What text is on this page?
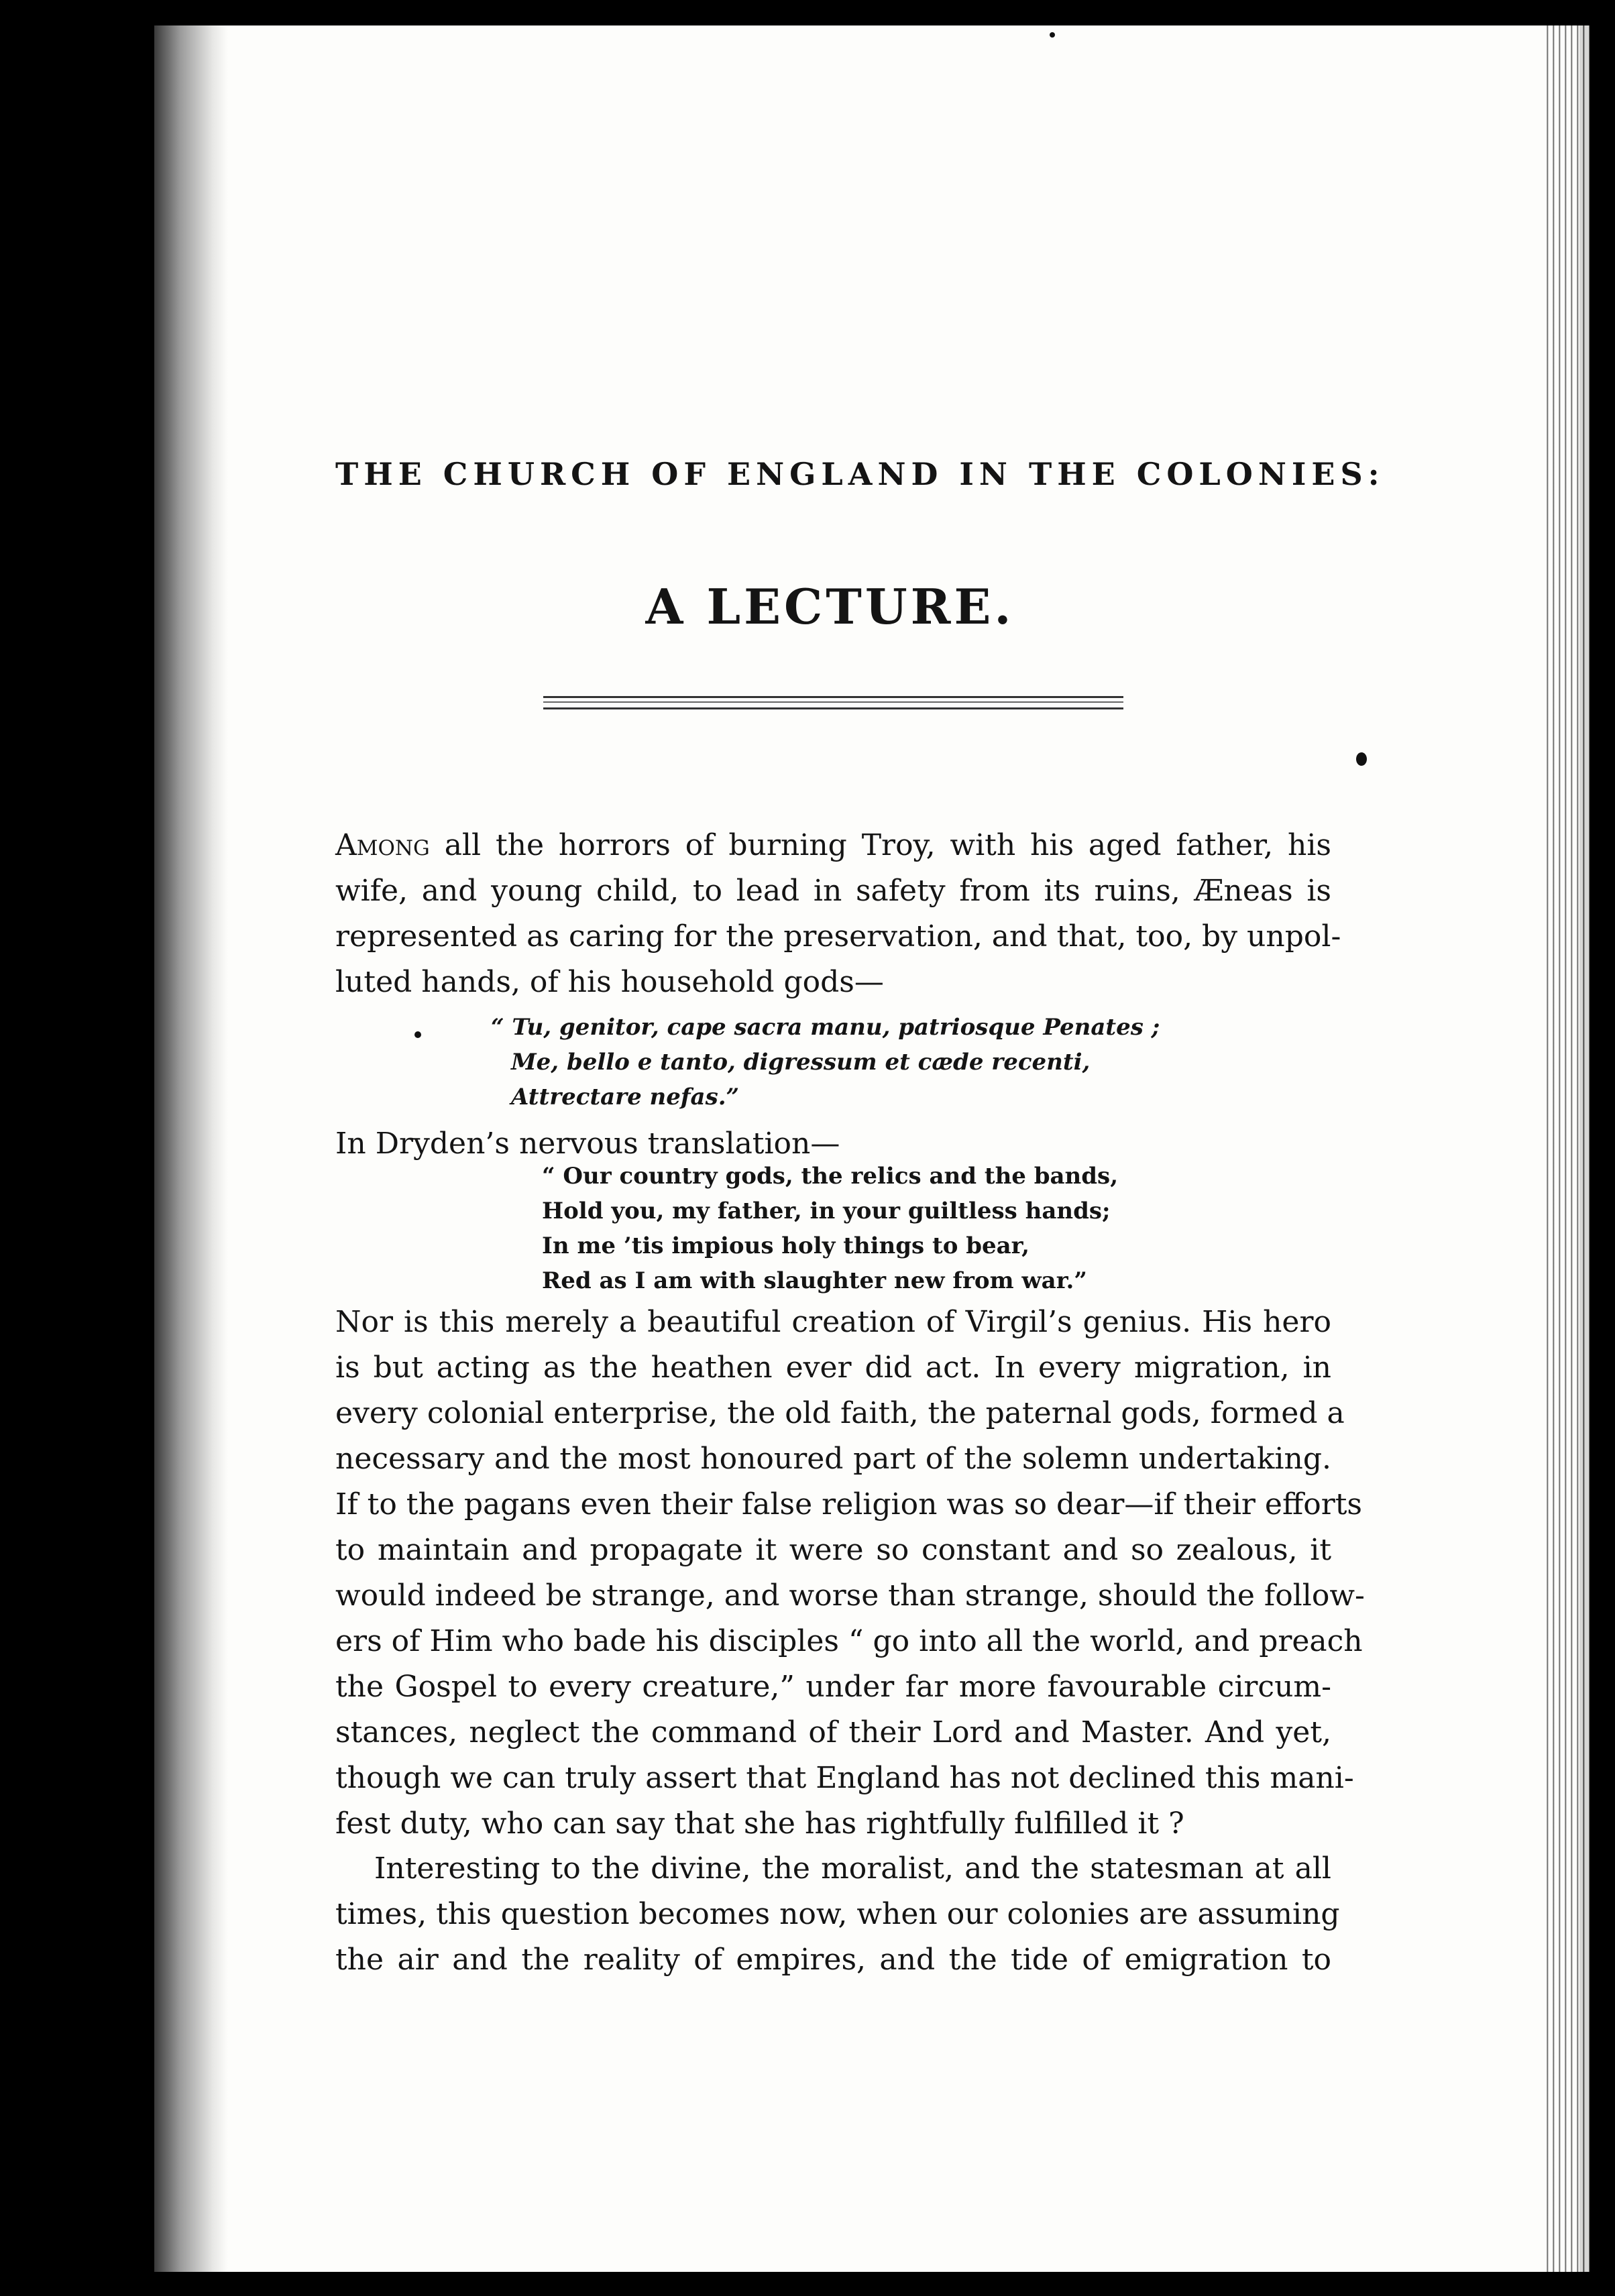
THE CHURCH OF ENGLAND IN THE COLONIES:
A LECTURE.
Among all the horrors of burning Troy, with his aged father, his
wife, and young child, to lead in safety from its ruins, Æneas is
represented as caring for the preservation, and that, too, by unpol-
luted hands, of his household gods—
“ Tu, genitor, cape sacra manu, patriosque Penates ;
Me, bello e tanto, digressum et cæde recenti,
Attrectare nefas.”
In Dryden’s nervous translation—
“ Our country gods, the relics and the bands,
Hold you, my father, in your guiltless hands;
In me ’tis impious holy things to bear,
Red as I am with slaughter new from war.”
Nor is this merely a beautiful creation of Virgil’s genius. His hero
is but acting as the heathen ever did act. In every migration, in
every colonial enterprise, the old faith, the paternal gods, formed a
necessary and the most honoured part of the solemn undertaking.
If to the pagans even their false religion was so dear—if their efforts
to maintain and propagate it were so constant and so zealous, it
would indeed be strange, and worse than strange, should the follow-
ers of Him who bade his disciples “ go into all the world, and preach
the Gospel to every creature,” under far more favourable circum-
stances, neglect the command of their Lord and Master. And yet,
though we can truly assert that England has not declined this mani-
fest duty, who can say that she has rightfully fulfilled it ?
Interesting to the divine, the moralist, and the statesman at all
times, this question becomes now, when our colonies are assuming
the air and the reality of empires, and the tide of emigration to
